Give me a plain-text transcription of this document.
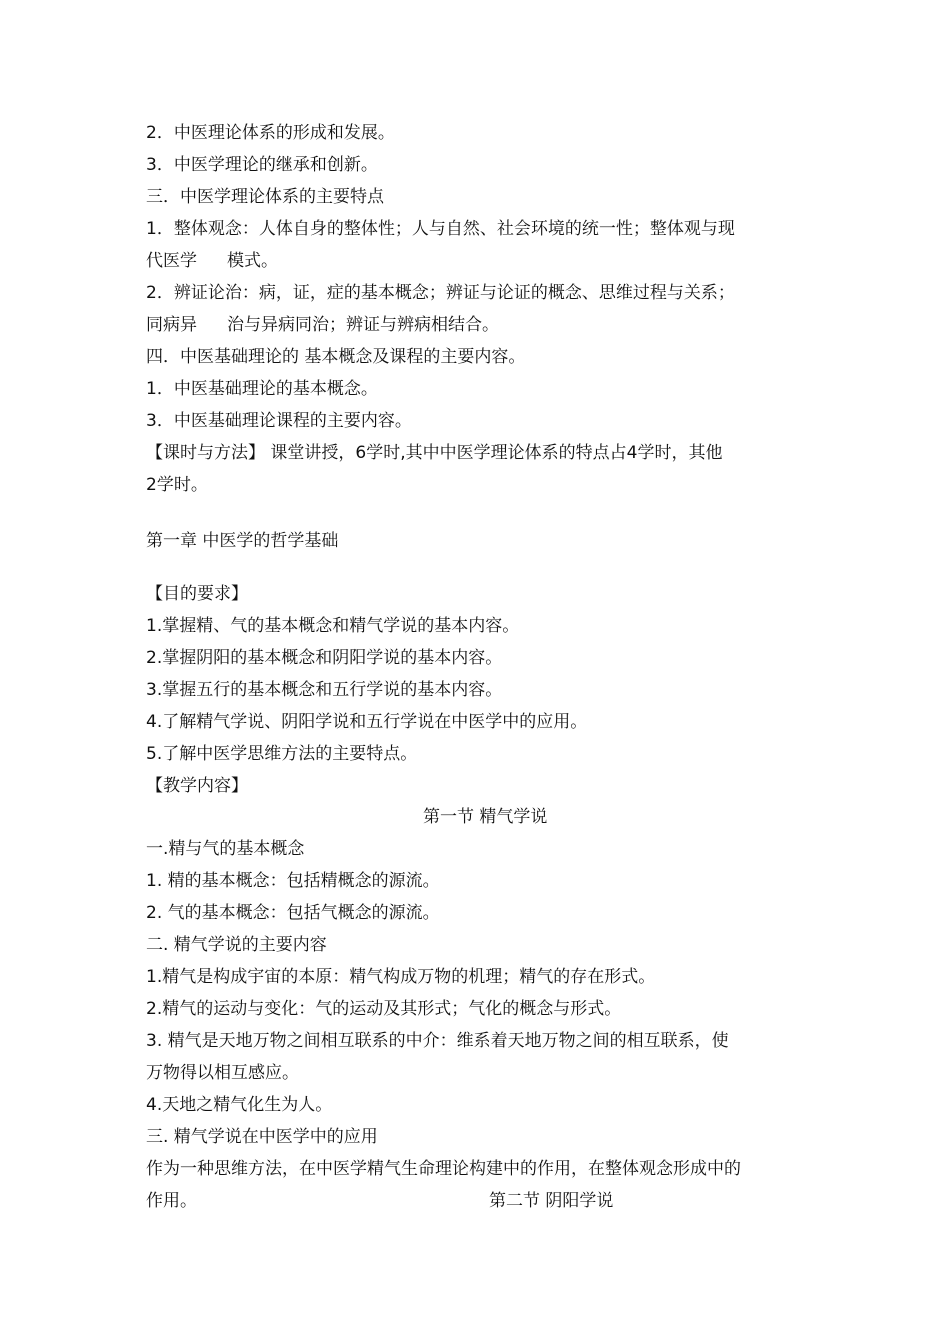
2．中医理论体系的形成和发展。
3．中医学理论的继承和创新。
三．中医学理论体系的主要特点
1．整体观念：人体自身的整体性；人与自然、社会环境的统一性；整体观与现
代医学 模式。
2．辨证论治：病，证，症的基本概念；辨证与论证的概念、思维过程与关系；
同病异 治与异病同治；辨证与辨病相结合。
四．中医基础理论的 基本概念及课程的主要内容。
1．中医基础理论的基本概念。
3．中医基础理论课程的主要内容。
【课时与方法】 课堂讲授，6学时,其中中医学理论体系的特点占4学时，其他
2学时。
第一章 中医学的哲学基础
【目的要求】
1.掌握精、气的基本概念和精气学说的基本内容。
2.掌握阴阳的基本概念和阴阳学说的基本内容。
3.掌握五行的基本概念和五行学说的基本内容。
4.了解精气学说、阴阳学说和五行学说在中医学中的应用。
5.了解中医学思维方法的主要特点。
【教学内容】
第一节 精气学说
一.精与气的基本概念
1. 精的基本概念：包括精概念的源流。
2. 气的基本概念：包括气概念的源流。
二. 精气学说的主要内容
1.精气是构成宇宙的本原：精气构成万物的机理；精气的存在形式。
2.精气的运动与变化：气的运动及其形式；气化的概念与形式。
3. 精气是天地万物之间相互联系的中介：维系着天地万物之间的相互联系，使
万物得以相互感应。
4.天地之精气化生为人。
三. 精气学说在中医学中的应用
作为一种思维方法，在中医学精气生命理论构建中的作用，在整体观念形成中的
作用。	第二节 阴阳学说
